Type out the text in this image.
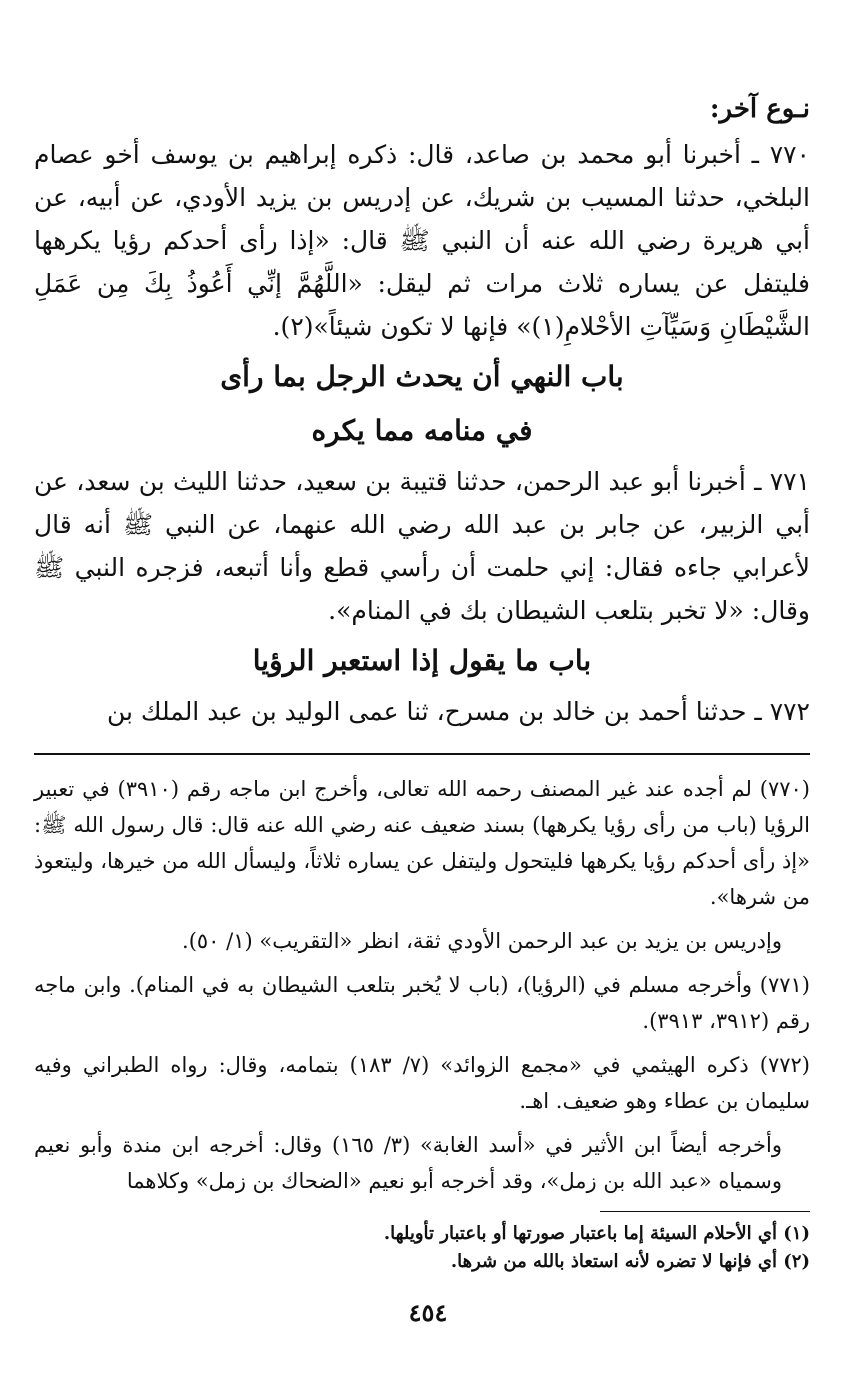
نـوع آخر:

٧٧٠ ـ أخبرنا أبو محمد بن صاعد، قال: ذكره إبراهيم بن يوسف أخو عصام البلخي، حدثنا المسيب بن شريك، عن إدريس بن يزيد الأودي، عن أبيه، عن أبي هريرة رضي الله عنه أن النبي ﷺ قال: «إذا رأى أحدكم رؤيا يكرهها فليتفل عن يساره ثلاث مرات ثم ليقل: «اللَّهُمَّ إنِّي أَعُوذُ بِكَ مِن عَمَلِ الشَّيْطَانِ وَسَيِّآتِ الأحْلامِ(١)» فإنها لا تكون شيئاً»(٢).

باب النهي أن يحدث الرجل بما رأى
في منامه مما يكره

٧٧١ ـ أخبرنا أبو عبد الرحمن، حدثنا قتيبة بن سعيد، حدثنا الليث بن سعد، عن أبي الزبير، عن جابر بن عبد الله رضي الله عنهما، عن النبي ﷺ أنه قال لأعرابي جاءه فقال: إني حلمت أن رأسي قطع وأنا أتبعه، فزجره النبي ﷺ وقال: «لا تخبر بتلعب الشيطان بك في المنام».

باب ما يقول إذا استعبر الرؤيا

٧٧٢ ـ حدثنا أحمد بن خالد بن مسرح، ثنا عمى الوليد بن عبد الملك بن

(٧٧٠) لم أجده عند غير المصنف رحمه الله تعالى، وأخرج ابن ماجه رقم (٣٩١٠) في تعبير الرؤيا (باب من رأى رؤيا يكرهها) بسند ضعيف عنه رضي الله عنه قال: قال رسول الله ﷺ: «إذ رأى أحدكم رؤيا يكرهها فليتحول وليتفل عن يساره ثلاثاً، وليسأل الله من خيرها، وليتعوذ من شرها».

وإدريس بن يزيد بن عبد الرحمن الأودي ثقة، انظر «التقريب» (١/ ٥٠).

(٧٧١) وأخرجه مسلم في (الرؤيا)، (باب لا يُخبر بتلعب الشيطان به في المنام). وابن ماجه رقم (٣٩١٢، ٣٩١٣).

(٧٧٢) ذكره الهيثمي في «مجمع الزوائد» (٧/ ١٨٣) بتمامه، وقال: رواه الطبراني وفيه سليمان بن عطاء وهو ضعيف. اهـ.

وأخرجه أيضاً ابن الأثير في «أسد الغابة» (٣/ ١٦٥) وقال: أخرجه ابن مندة وأبو نعيم وسمياه «عبد الله بن زمل»، وقد أخرجه أبو نعيم «الضحاك بن زمل» وكلاهما

(١) أي الأحلام السيئة إما باعتبار صورتها أو باعتبار تأويلها.

(٢) أي فإنها لا تضره لأنه استعاذ بالله من شرها.

٤٥٤
